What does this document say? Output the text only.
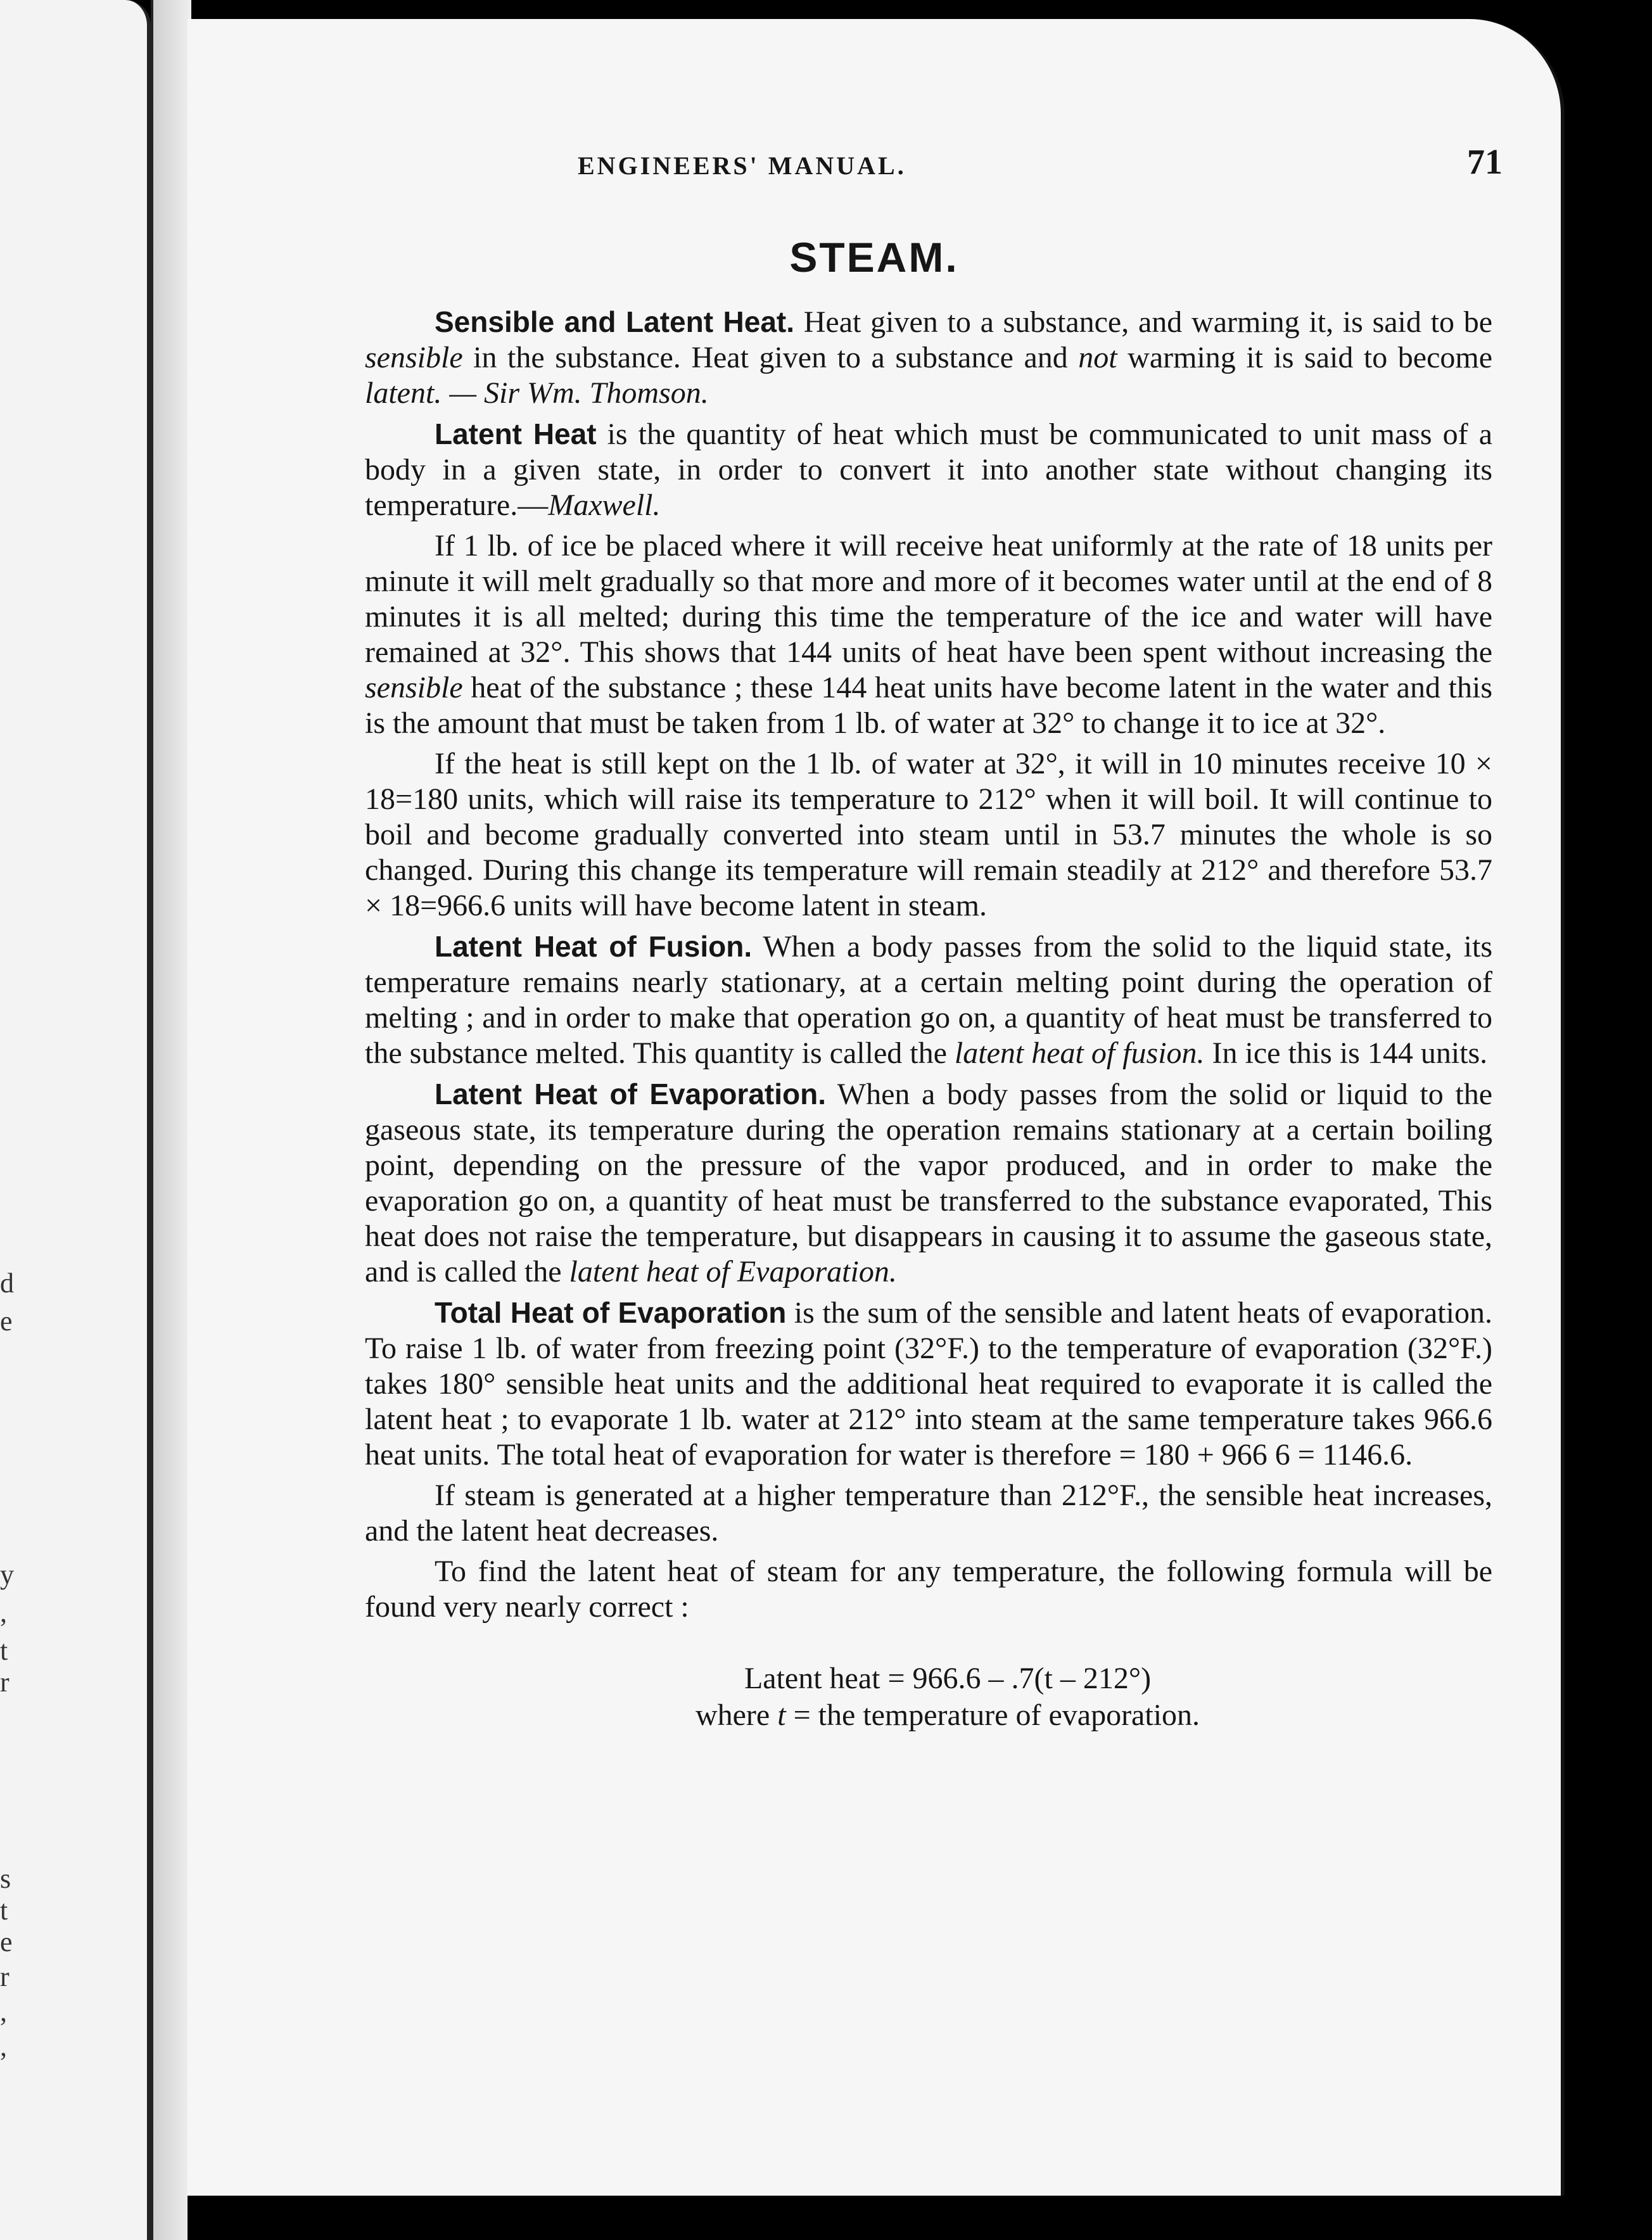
d
e
y
,
t
r
s
t
e
r
,
,
ENGINEERS' MANUAL.	71
STEAM.

Sensible and Latent Heat. Heat given to a substance, and warming it, is said to be sensible in the substance. Heat given to a substance and not warming it is said to become latent. — Sir Wm. Thomson.

Latent Heat is the quantity of heat which must be communicated to unit mass of a body in a given state, in order to convert it into another state without changing its temperature.—Maxwell.

If 1 lb. of ice be placed where it will receive heat uniformly at the rate of 18 units per minute it will melt gradually so that more and more of it becomes water until at the end of 8 minutes it is all melted; during this time the temperature of the ice and water will have remained at 32°. This shows that 144 units of heat have been spent without increasing the sensible heat of the substance ; these 144 heat units have become latent in the water and this is the amount that must be taken from 1 lb. of water at 32° to change it to ice at 32°.

If the heat is still kept on the 1 lb. of water at 32°, it will in 10 minutes receive 10 × 18=180 units, which will raise its temperature to 212° when it will boil. It will continue to boil and become gradually converted into steam until in 53.7 minutes the whole is so changed. During this change its temperature will remain steadily at 212° and therefore 53.7 × 18=966.6 units will have become latent in steam.

Latent Heat of Fusion. When a body passes from the solid to the liquid state, its temperature remains nearly stationary, at a certain melting point during the operation of melting ; and in order to make that operation go on, a quantity of heat must be transferred to the substance melted. This quantity is called the latent heat of fusion. In ice this is 144 units.

Latent Heat of Evaporation. When a body passes from the solid or liquid to the gaseous state, its temperature during the operation remains stationary at a certain boiling point, depending on the pressure of the vapor produced, and in order to make the evaporation go on, a quantity of heat must be transferred to the substance evaporated, This heat does not raise the temperature, but disappears in causing it to assume the gaseous state, and is called the latent heat of Evaporation.

Total Heat of Evaporation is the sum of the sensible and latent heats of evaporation. To raise 1 lb. of water from freezing point (32°F.) to the temperature of evaporation (32°F.) takes 180° sensible heat units and the additional heat required to evaporate it is called the latent heat ; to evaporate 1 lb. water at 212° into steam at the same temperature takes 966.6 heat units. The total heat of evaporation for water is therefore = 180 + 966 6 = 1146.6.

If steam is generated at a higher temperature than 212°F., the sensible heat increases, and the latent heat decreases.

To find the latent heat of steam for any temperature, the following formula will be found very nearly correct :

Latent heat = 966.6 – .7(t – 212°)
where t = the temperature of evaporation.
